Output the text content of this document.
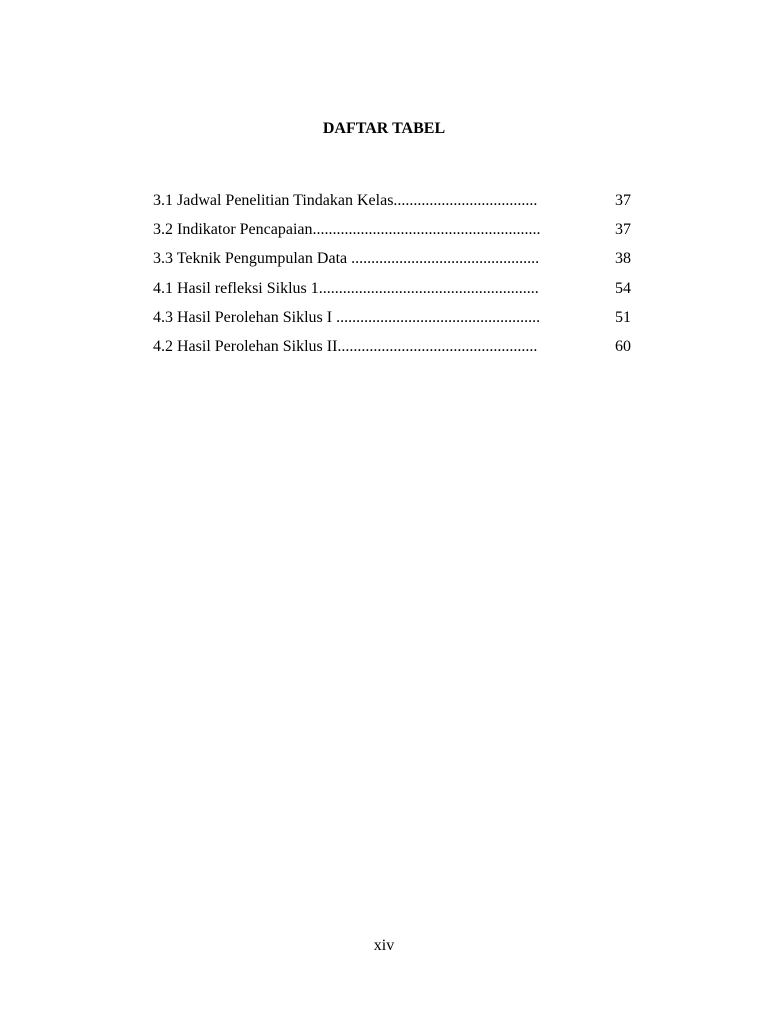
DAFTAR TABEL
3.1 Jadwal Penelitian Tindakan Kelas....................................	37
3.2 Indikator Pencapaian.........................................................	37
3.3 Teknik Pengumpulan Data ...............................................	38
4.1 Hasil refleksi Siklus 1.......................................................	54
4.3 Hasil Perolehan Siklus I ...................................................	51
4.2 Hasil Perolehan Siklus II..................................................	60
xiv
